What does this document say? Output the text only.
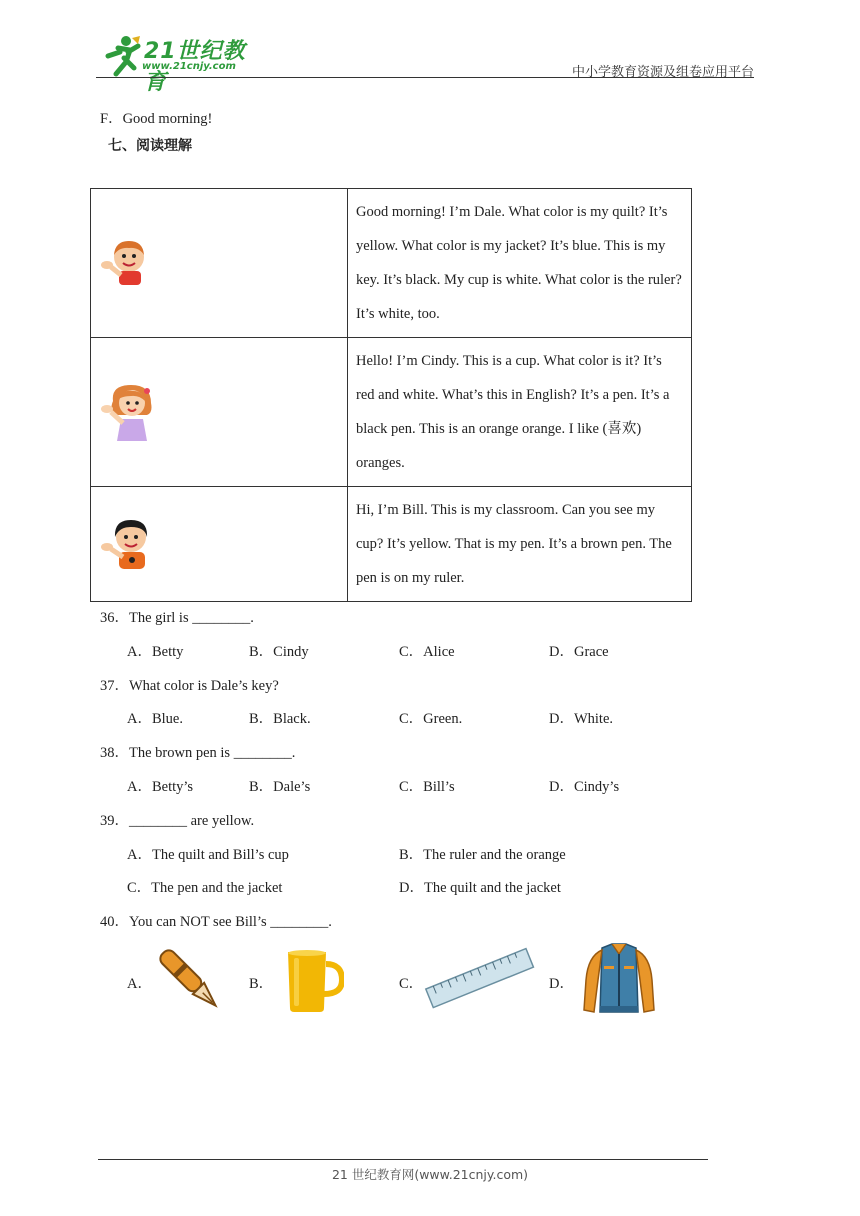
21世纪教育
www.21cnjy.com	中小学教育资源及组卷应用平台
F．Good morning!
七、阅读理解
	Good morning! I’m Dale. What color is my quilt? It’s yellow. What color is my jacket? It’s blue. This is my key. It’s black. My cup is white. What color is the ruler? It’s white, too.

	Hello! I’m Cindy. This is a cup. What color is it? It’s red and white. What’s this in English? It’s a pen. It’s a black pen. This is an orange orange. I like (喜欢) oranges.

	Hi, I’m Bill. This is my classroom. Can you see my cup? It’s yellow. That is my pen. It’s a brown pen. The pen is on my ruler.
36．The girl is ________.
A．Betty	B．Cindy	C．Alice	D．Grace
37．What color is Dale’s key?
A．Blue.	B．Black.	C．Green.	D．White.
38．The brown pen is ________.
A．Betty’s	B．Dale’s	C．Bill’s	D．Cindy’s
39．________ are yellow.
A．The quilt and Bill’s cup	B．The ruler and the orange
C．The pen and the jacket	D．The quilt and the jacket
40．You can NOT see Bill’s ________.
A．	B．	C．	D．
21 世纪教育网(www.21cnjy.com)
